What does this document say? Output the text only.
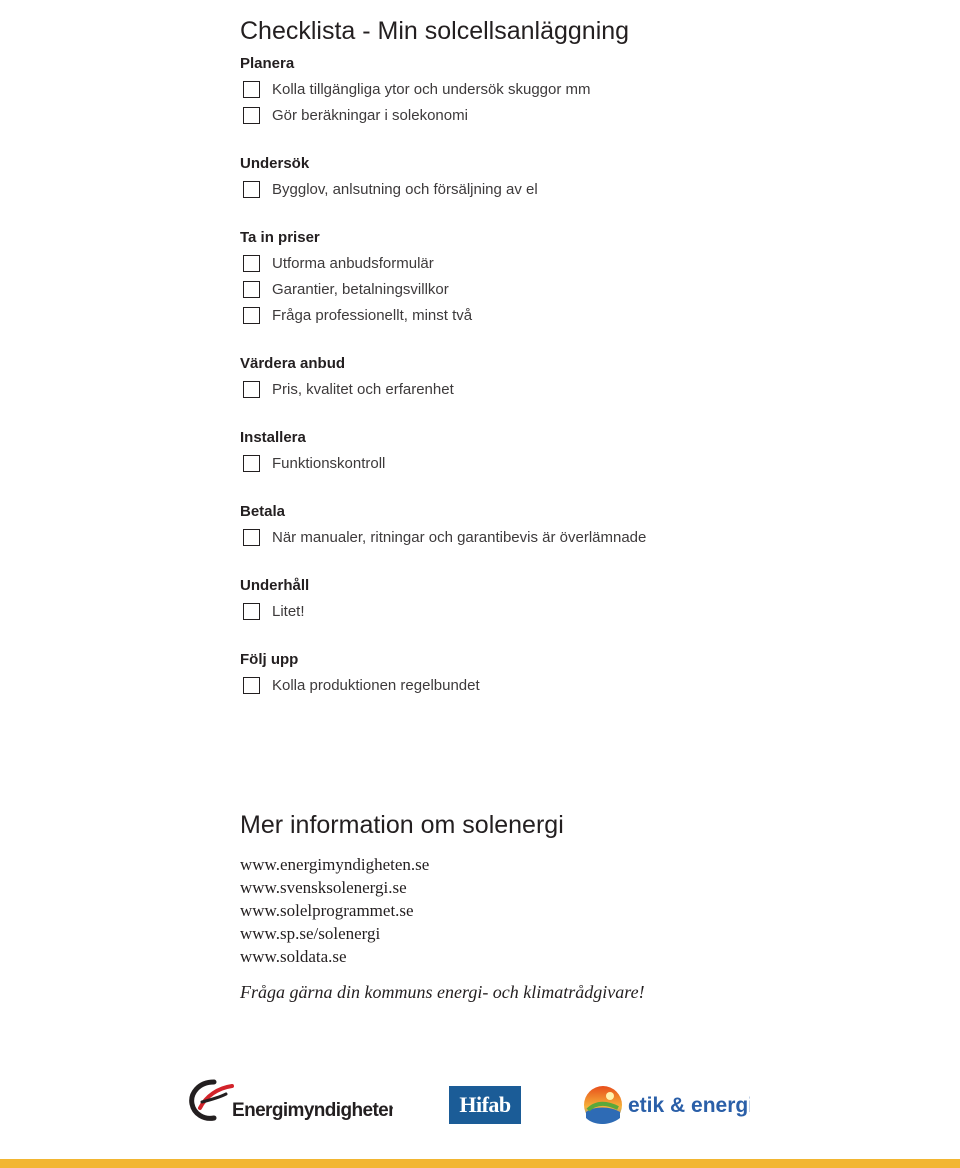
Checklista - Min solcellsanläggning
Planera
Kolla tillgängliga ytor och undersök skuggor mm
Gör beräkningar i solekonomi
Undersök
Bygglov, anlsutning och försäljning av el
Ta in priser
Utforma anbudsformulär
Garantier, betalningsvillkor
Fråga professionellt, minst två
Värdera anbud
Pris, kvalitet och erfarenhet
Installera
Funktionskontroll
Betala
När manualer, ritningar och garantibevis är överlämnade
Underhåll
Litet!
Följ upp
Kolla produktionen regelbundet
Mer information om solenergi
www.energimyndigheten.se
www.svensksolenergi.se
www.solelprogrammet.se
www.sp.se/solenergi
www.soldata.se
Fråga gärna din kommuns energi- och klimatrådgivare!
Energimyndigheten	Hifab	etik & energi
